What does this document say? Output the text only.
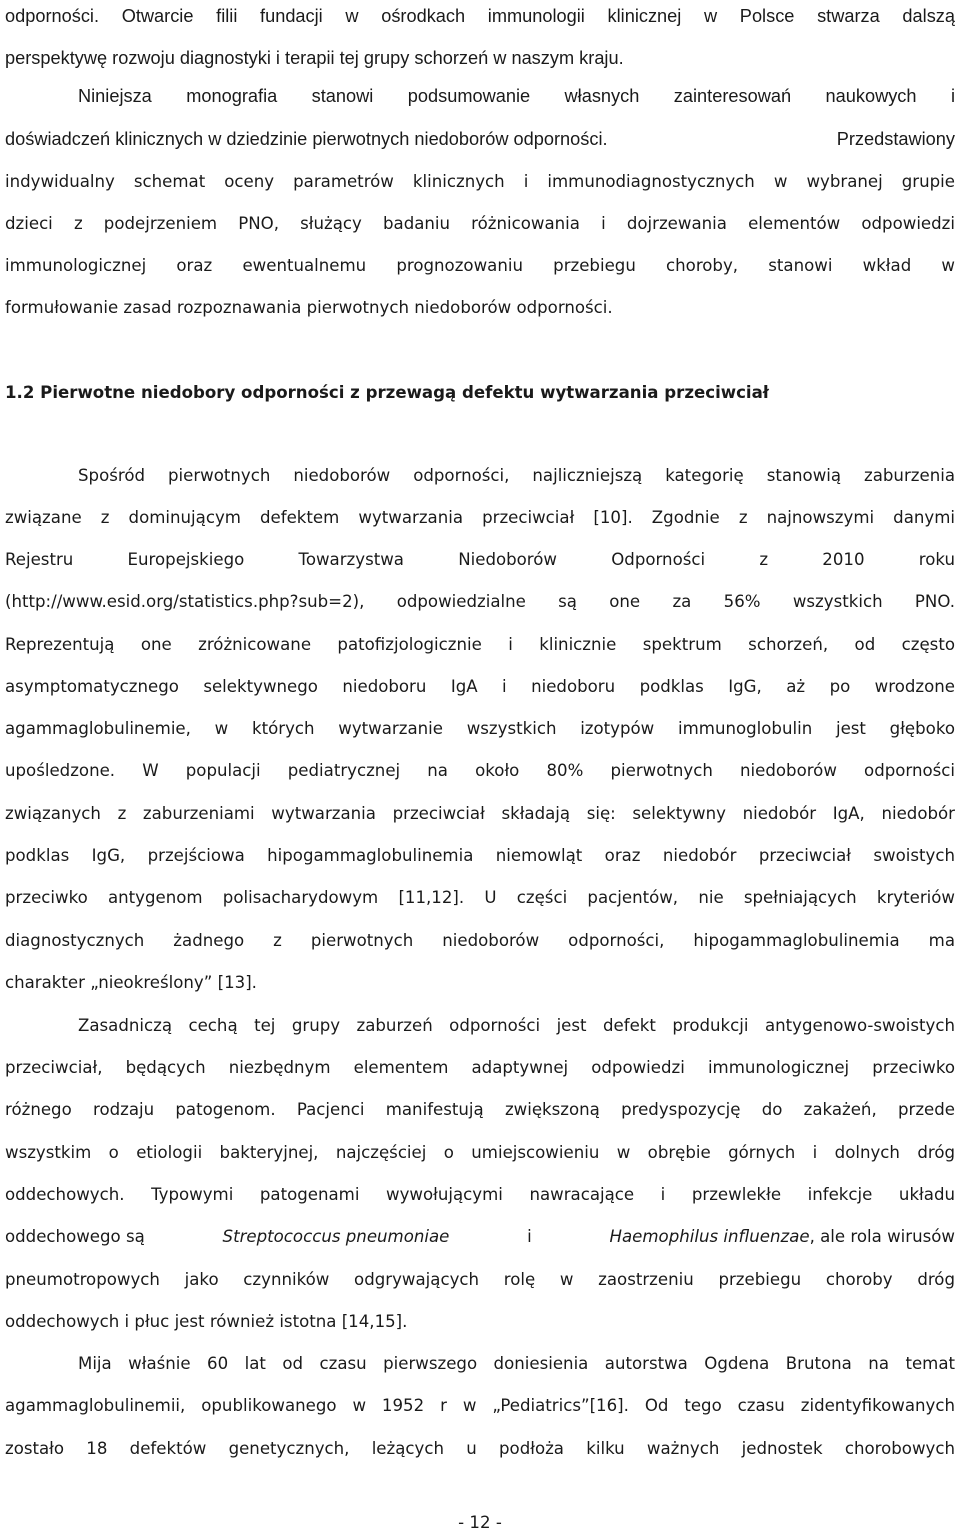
odporności. Otwarcie filii fundacji w ośrodkach immunologii klinicznej w Polsce stwarza dalszą
perspektywę rozwoju diagnostyki i terapii tej grupy schorzeń w naszym kraju.
Niniejsza monografia stanowi podsumowanie własnych zainteresowań naukowych i
doświadczeń klinicznych w dziedzinie pierwotnych niedoborów odporności.	Przedstawiony
indywidualny schemat oceny parametrów klinicznych i immunodiagnostycznych w wybranej grupie
dzieci z podejrzeniem PNO, służący badaniu różnicowania i dojrzewania elementów odpowiedzi
immunologicznej oraz ewentualnemu prognozowaniu przebiegu choroby, stanowi wkład w
formułowanie zasad rozpoznawania pierwotnych niedoborów odporności.
1.2 Pierwotne niedobory odporności z przewagą defektu wytwarzania przeciwciał
Spośród pierwotnych niedoborów odporności, najliczniejszą kategorię stanowią zaburzenia
związane z dominującym defektem wytwarzania przeciwciał [10]. Zgodnie z najnowszymi danymi
Rejestru Europejskiego Towarzystwa Niedoborów Odporności z 2010 roku
(http://www.esid.org/statistics.php?sub=2), odpowiedzialne są one za 56% wszystkich PNO.
Reprezentują one zróżnicowane patofizjologicznie i klinicznie spektrum schorzeń, od często
asymptomatycznego selektywnego niedoboru IgA i niedoboru podklas IgG, aż po wrodzone
agammaglobulinemie, w których wytwarzanie wszystkich izotypów immunoglobulin jest głęboko
upośledzone. W populacji pediatrycznej na około 80% pierwotnych niedoborów odporności
związanych z zaburzeniami wytwarzania przeciwciał składają się: selektywny niedobór IgA, niedobór
podklas IgG, przejściowa hipogammaglobulinemia niemowląt oraz niedobór przeciwciał swoistych
przeciwko antygenom polisacharydowym [11,12]. U części pacjentów, nie spełniających kryteriów
diagnostycznych żadnego z pierwotnych niedoborów odporności, hipogammaglobulinemia ma
charakter „nieokreślony” [13].
Zasadniczą cechą tej grupy zaburzeń odporności jest defekt produkcji antygenowo-swoistych
przeciwciał, będących niezbędnym elementem adaptywnej odpowiedzi immunologicznej przeciwko
różnego rodzaju patogenom. Pacjenci manifestują zwiększoną predyspozycję do zakażeń, przede
wszystkim o etiologii bakteryjnej, najczęściej o umiejscowieniu w obrębie górnych i dolnych dróg
oddechowych. Typowymi patogenami wywołującymi nawracające i przewlekłe infekcje układu
oddechowego są	Streptococcus pneumoniae	i	Haemophilus influenzae, ale rola wirusów
pneumotropowych jako czynników odgrywających rolę w zaostrzeniu przebiegu choroby dróg
oddechowych i płuc jest również istotna [14,15].
Mija właśnie 60 lat od czasu pierwszego doniesienia autorstwa Ogdena Brutona na temat
agammaglobulinemii, opublikowanego w 1952 r w „Pediatrics”[16]. Od tego czasu zidentyfikowanych
zostało 18 defektów genetycznych, leżących u podłoża kilku ważnych jednostek chorobowych
- 12 -
